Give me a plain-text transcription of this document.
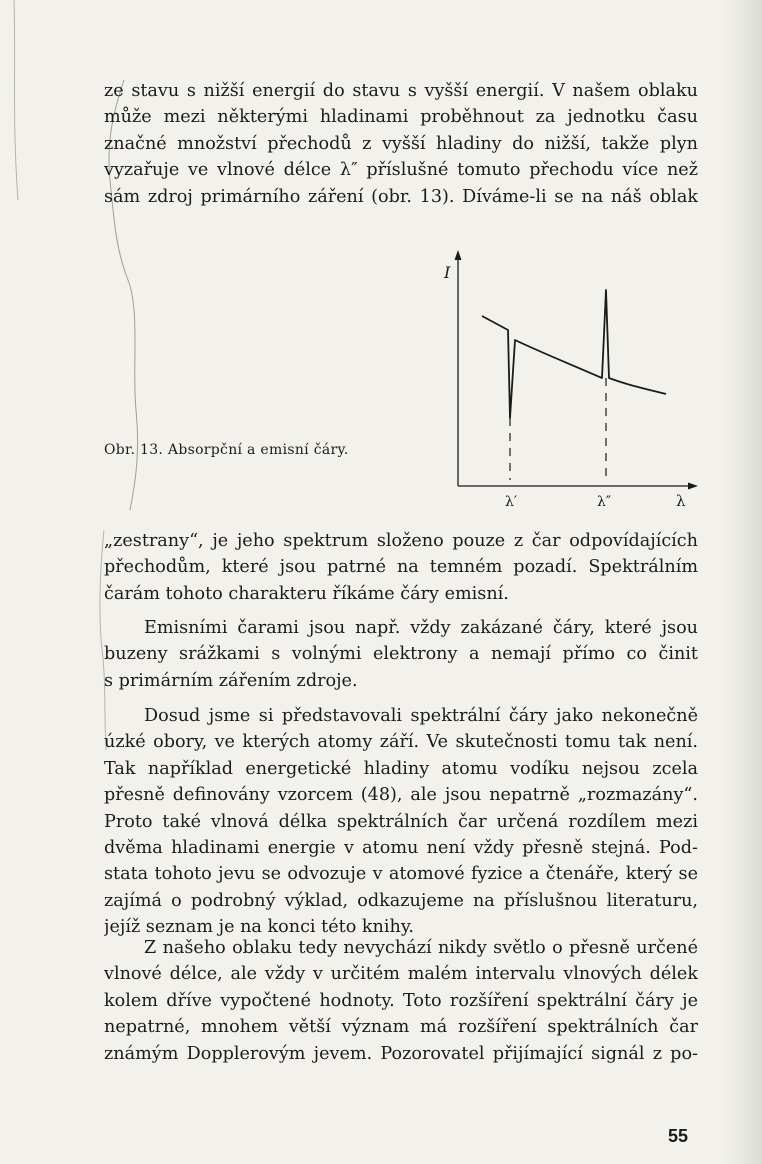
ze stavu s nižší energií do stavu s vyšší energií. V našem oblaku
může mezi některými hladinami proběhnout za jednotku času
značné množství přechodů z vyšší hladiny do nižší, takže plyn
vyzařuje ve vlnové délce λ″ příslušné tomuto přechodu více než
sám zdroj primárního záření (obr. 13). Díváme-li se na náš oblak
I
λ
λ′	λ″
Obr. 13. Absorpční a emisní čáry.
„zestrany“, je jeho spektrum složeno pouze z čar odpovídajících
přechodům, které jsou patrné na temném pozadí. Spektrálním
čarám tohoto charakteru říkáme čáry emisní.
Emisními čarami jsou např. vždy zakázané čáry, které jsou
buzeny srážkami s volnými elektrony a nemají přímo co činit
s primárním zářením zdroje.
Dosud jsme si představovali spektrální čáry jako nekonečně
úzké obory, ve kterých atomy září. Ve skutečnosti tomu tak není.
Tak například energetické hladiny atomu vodíku nejsou zcela
přesně definovány vzorcem (48), ale jsou nepatrně „rozmazány“.
Proto také vlnová délka spektrálních čar určená rozdílem mezi
dvěma hladinami energie v atomu není vždy přesně stejná. Pod-
stata tohoto jevu se odvozuje v atomové fyzice a čtenáře, který se
zajímá o podrobný výklad, odkazujeme na příslušnou literaturu,
jejíž seznam je na konci této knihy.
Z našeho oblaku tedy nevychází nikdy světlo o přesně určené
vlnové délce, ale vždy v určitém malém intervalu vlnových délek
kolem dříve vypočtené hodnoty. Toto rozšíření spektrální čáry je
nepatrné, mnohem větší význam má rozšíření spektrálních čar
známým Dopplerovým jevem. Pozorovatel přijímající signál z po-
55
